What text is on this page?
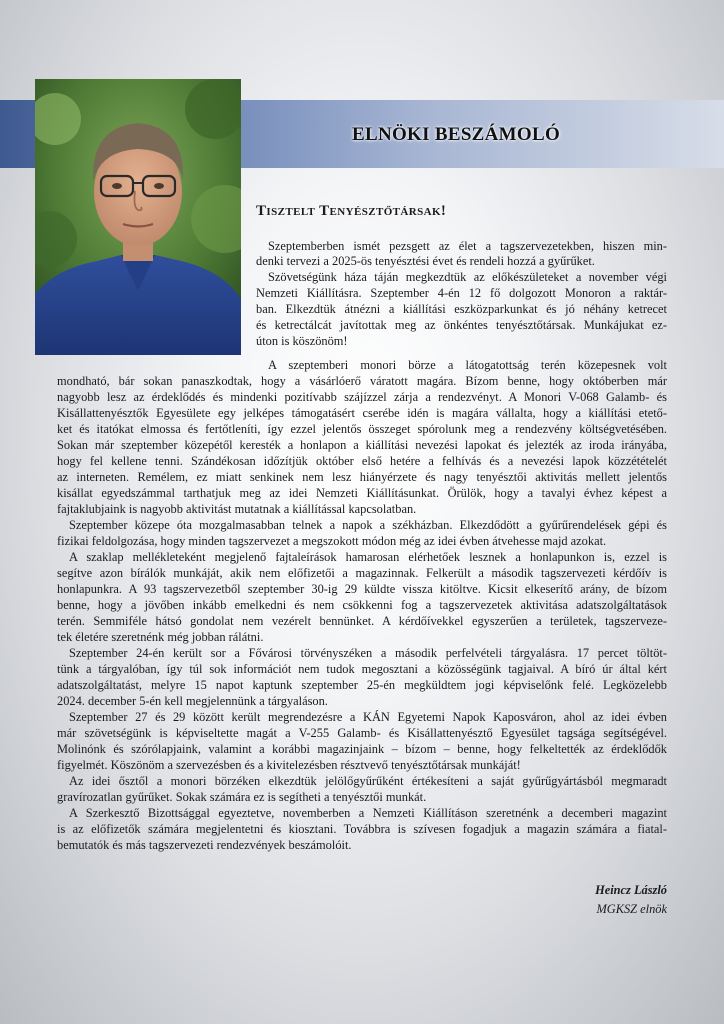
ELNÖKI BESZÁMOLÓ
Tisztelt Tenyésztőtársak!

Szeptemberben ismét pezsgett az élet a tagszervezetekben, hiszen min-

denki tervezi a 2025-ös tenyésztési évet és rendeli hozzá a gyűrűket.

Szövetségünk háza táján megkezdtük az előkészületeket a november végi

Nemzeti Kiállításra. Szeptember 4-én 12 fő dolgozott Monoron a raktár-

ban. Elkezdtük átnézni a kiállítási eszközparkunkat és jó néhány ketrecet

és ketrectálcát javítottak meg az önkéntes tenyésztőtársak. Munkájukat ez-

úton is köszönöm!

A szeptemberi monori börze a látogatottság terén közepesnek volt

mondható, bár sokan panaszkodtak, hogy a vásárlóerő váratott magára. Bízom benne, hogy októberben már

nagyobb lesz az érdeklődés és mindenki pozitívabb szájízzel zárja a rendezvényt. A Monori V-068 Galamb- és

Kisállattenyésztők Egyesülete egy jelképes támogatásért cserébe idén is magára vállalta, hogy a kiállítási etető-

ket és itatókat elmossa és fertőtleníti, így ezzel jelentős összeget spórolunk meg a rendezvény költségvetésében.

Sokan már szeptember közepétől keresték a honlapon a kiállítási nevezési lapokat és jelezték az iroda irányába,

hogy fel kellene tenni. Szándékosan időzítjük október első hetére a felhívás és a nevezési lapok közzétételét

az interneten. Remélem, ez miatt senkinek nem lesz hiányérzete és nagy tenyésztői aktivitás mellett jelentős

kisállat egyedszámmal tarthatjuk meg az idei Nemzeti Kiállításunkat. Örülök, hogy a tavalyi évhez képest a

fajtaklubjaink is nagyobb aktivitást mutatnak a kiállítással kapcsolatban.

Szeptember közepe óta mozgalmasabban telnek a napok a székházban. Elkezdődött a gyűrűrendelések gépi és

fizikai feldolgozása, hogy minden tagszervezet a megszokott módon még az idei évben átvehesse majd azokat.

A szaklap mellékleteként megjelenő fajtaleírások hamarosan elérhetőek lesznek a honlapunkon is, ezzel is

segítve azon bírálók munkáját, akik nem előfizetői a magazinnak. Felkerült a második tagszervezeti kérdőív is

honlapunkra. A 93 tagszervezetből szeptember 30-ig 29 küldte vissza kitöltve. Kicsit elkeserítő arány, de bízom

benne, hogy a jövőben inkább emelkedni és nem csökkenni fog a tagszervezetek aktivitása adatszolgáltatások

terén. Semmiféle hátsó gondolat nem vezérelt bennünket. A kérdőívekkel egyszerűen a területek, tagszerveze-

tek életére szeretnénk még jobban rálátni.

Szeptember 24-én került sor a Fővárosi törvényszéken a második perfelvételi tárgyalásra. 17 percet töltöt-

tünk a tárgyalóban, így túl sok információt nem tudok megosztani a közösségünk tagjaival. A bíró úr által kért

adatszolgáltatást, melyre 15 napot kaptunk szeptember 25-én megküldtem jogi képviselőnk felé. Legközelebb

2024. december 5-én kell megjelennünk a tárgyaláson.

Szeptember 27 és 29 között került megrendezésre a KÁN Egyetemi Napok Kaposváron, ahol az idei évben

már szövetségünk is képviseltette magát a V-255 Galamb- és Kisállattenyésztő Egyesület tagsága segítségével.

Molinónk és szórólapjaink, valamint a korábbi magazinjaink – bízom – benne, hogy felkeltették az érdeklődők

figyelmét. Köszönöm a szervezésben és a kivitelezésben résztvevő tenyésztőtársak munkáját!

Az idei ősztől a monori börzéken elkezdtük jelölőgyűrűként értékesíteni a saját gyűrűgyártásból megmaradt

gravírozatlan gyűrűket. Sokak számára ez is segítheti a tenyésztői munkát.

A Szerkesztő Bizottsággal egyeztetve, novemberben a Nemzeti Kiállításon szeretnénk a decemberi magazint

is az előfizetők számára megjelentetni és kiosztani. Továbbra is szívesen fogadjuk a magazin számára a fiatal-

bemutatók és más tagszervezeti rendezvények beszámolóit.

Heincz László

MGKSZ elnök
